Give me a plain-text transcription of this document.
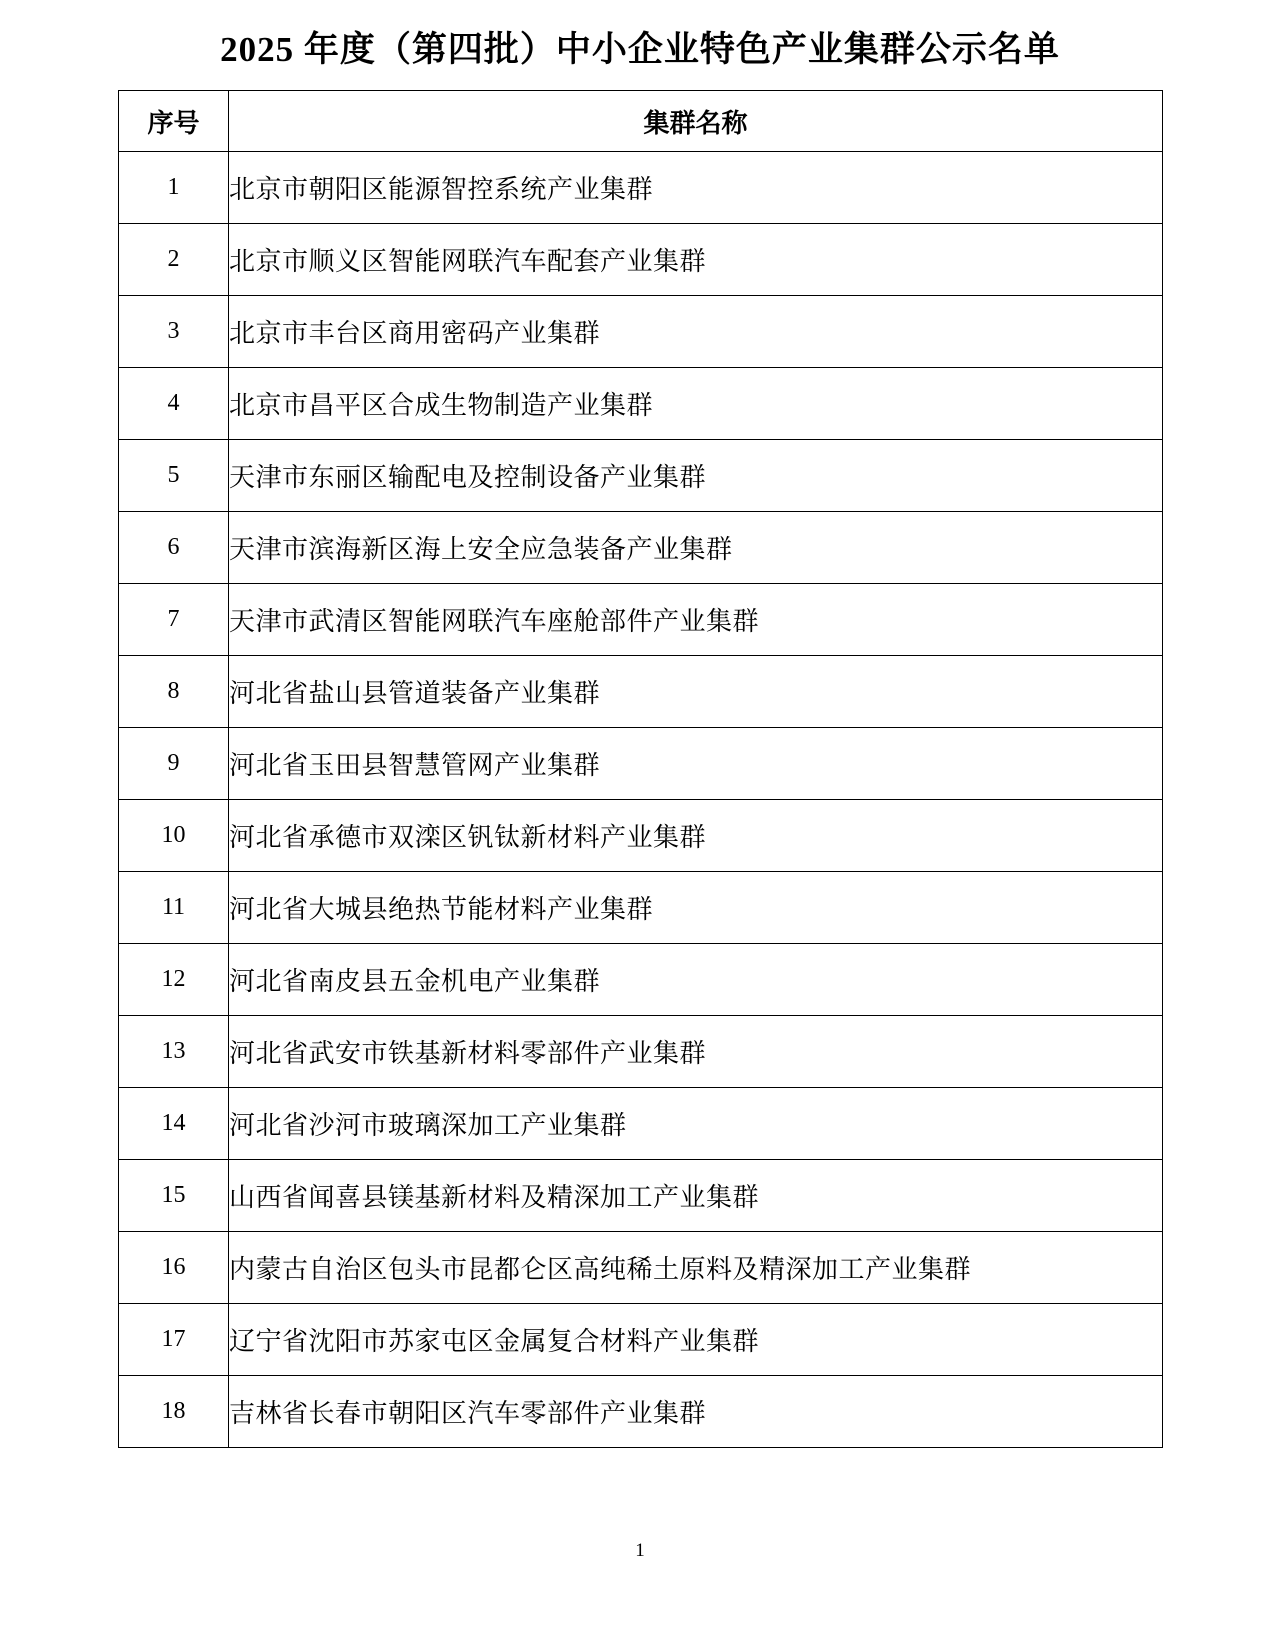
2025 年度（第四批）中小企业特色产业集群公示名单
序号	集群名称
1	北京市朝阳区能源智控系统产业集群
2	北京市顺义区智能网联汽车配套产业集群
3	北京市丰台区商用密码产业集群
4	北京市昌平区合成生物制造产业集群
5	天津市东丽区输配电及控制设备产业集群
6	天津市滨海新区海上安全应急装备产业集群
7	天津市武清区智能网联汽车座舱部件产业集群
8	河北省盐山县管道装备产业集群
9	河北省玉田县智慧管网产业集群
10	河北省承德市双滦区钒钛新材料产业集群
11	河北省大城县绝热节能材料产业集群
12	河北省南皮县五金机电产业集群
13	河北省武安市铁基新材料零部件产业集群
14	河北省沙河市玻璃深加工产业集群
15	山西省闻喜县镁基新材料及精深加工产业集群
16	内蒙古自治区包头市昆都仑区高纯稀土原料及精深加工产业集群
17	辽宁省沈阳市苏家屯区金属复合材料产业集群
18	吉林省长春市朝阳区汽车零部件产业集群
1
